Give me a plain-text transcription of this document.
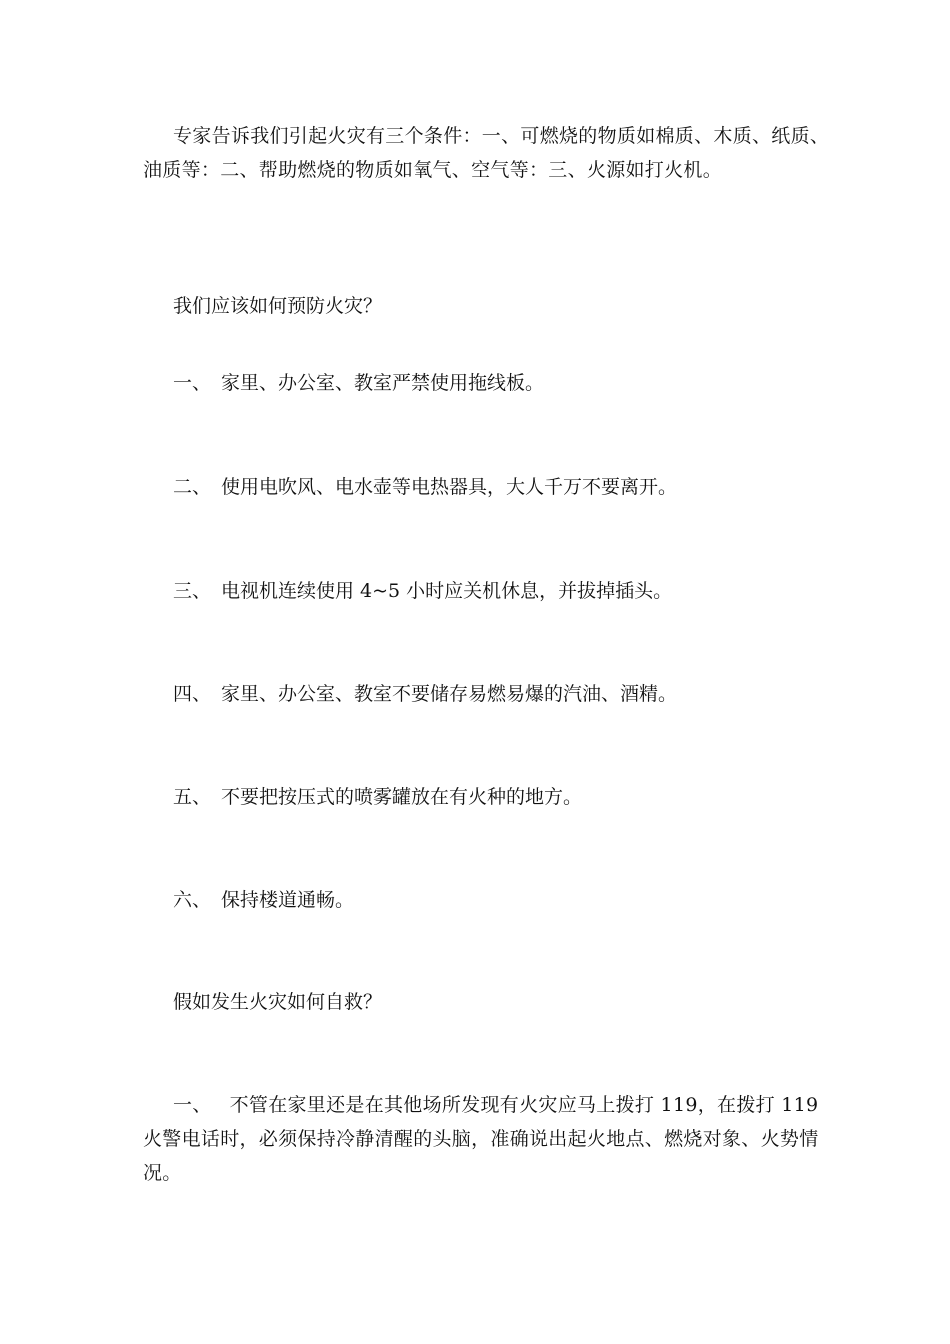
专家告诉我们引起火灾有三个条件：一、可燃烧的物质如棉质、木质、纸质、油质等：二、帮助燃烧的物质如氧气、空气等：三、火源如打火机。

我们应该如何预防火灾？

一、 家里、办公室、教室严禁使用拖线板。

二、 使用电吹风、电水壶等电热器具，大人千万不要离开。

三、 电视机连续使用 4~5 小时应关机休息，并拔掉插头。

四、 家里、办公室、教室不要储存易燃易爆的汽油、酒精。

五、 不要把按压式的喷雾罐放在有火种的地方。

六、 保持楼道通畅。

假如发生火灾如何自救？

一、 不管在家里还是在其他场所发现有火灾应马上拨打 119，在拨打 119 火警电话时，必须保持冷静清醒的头脑，准确说出起火地点、燃烧对象、火势情况。
